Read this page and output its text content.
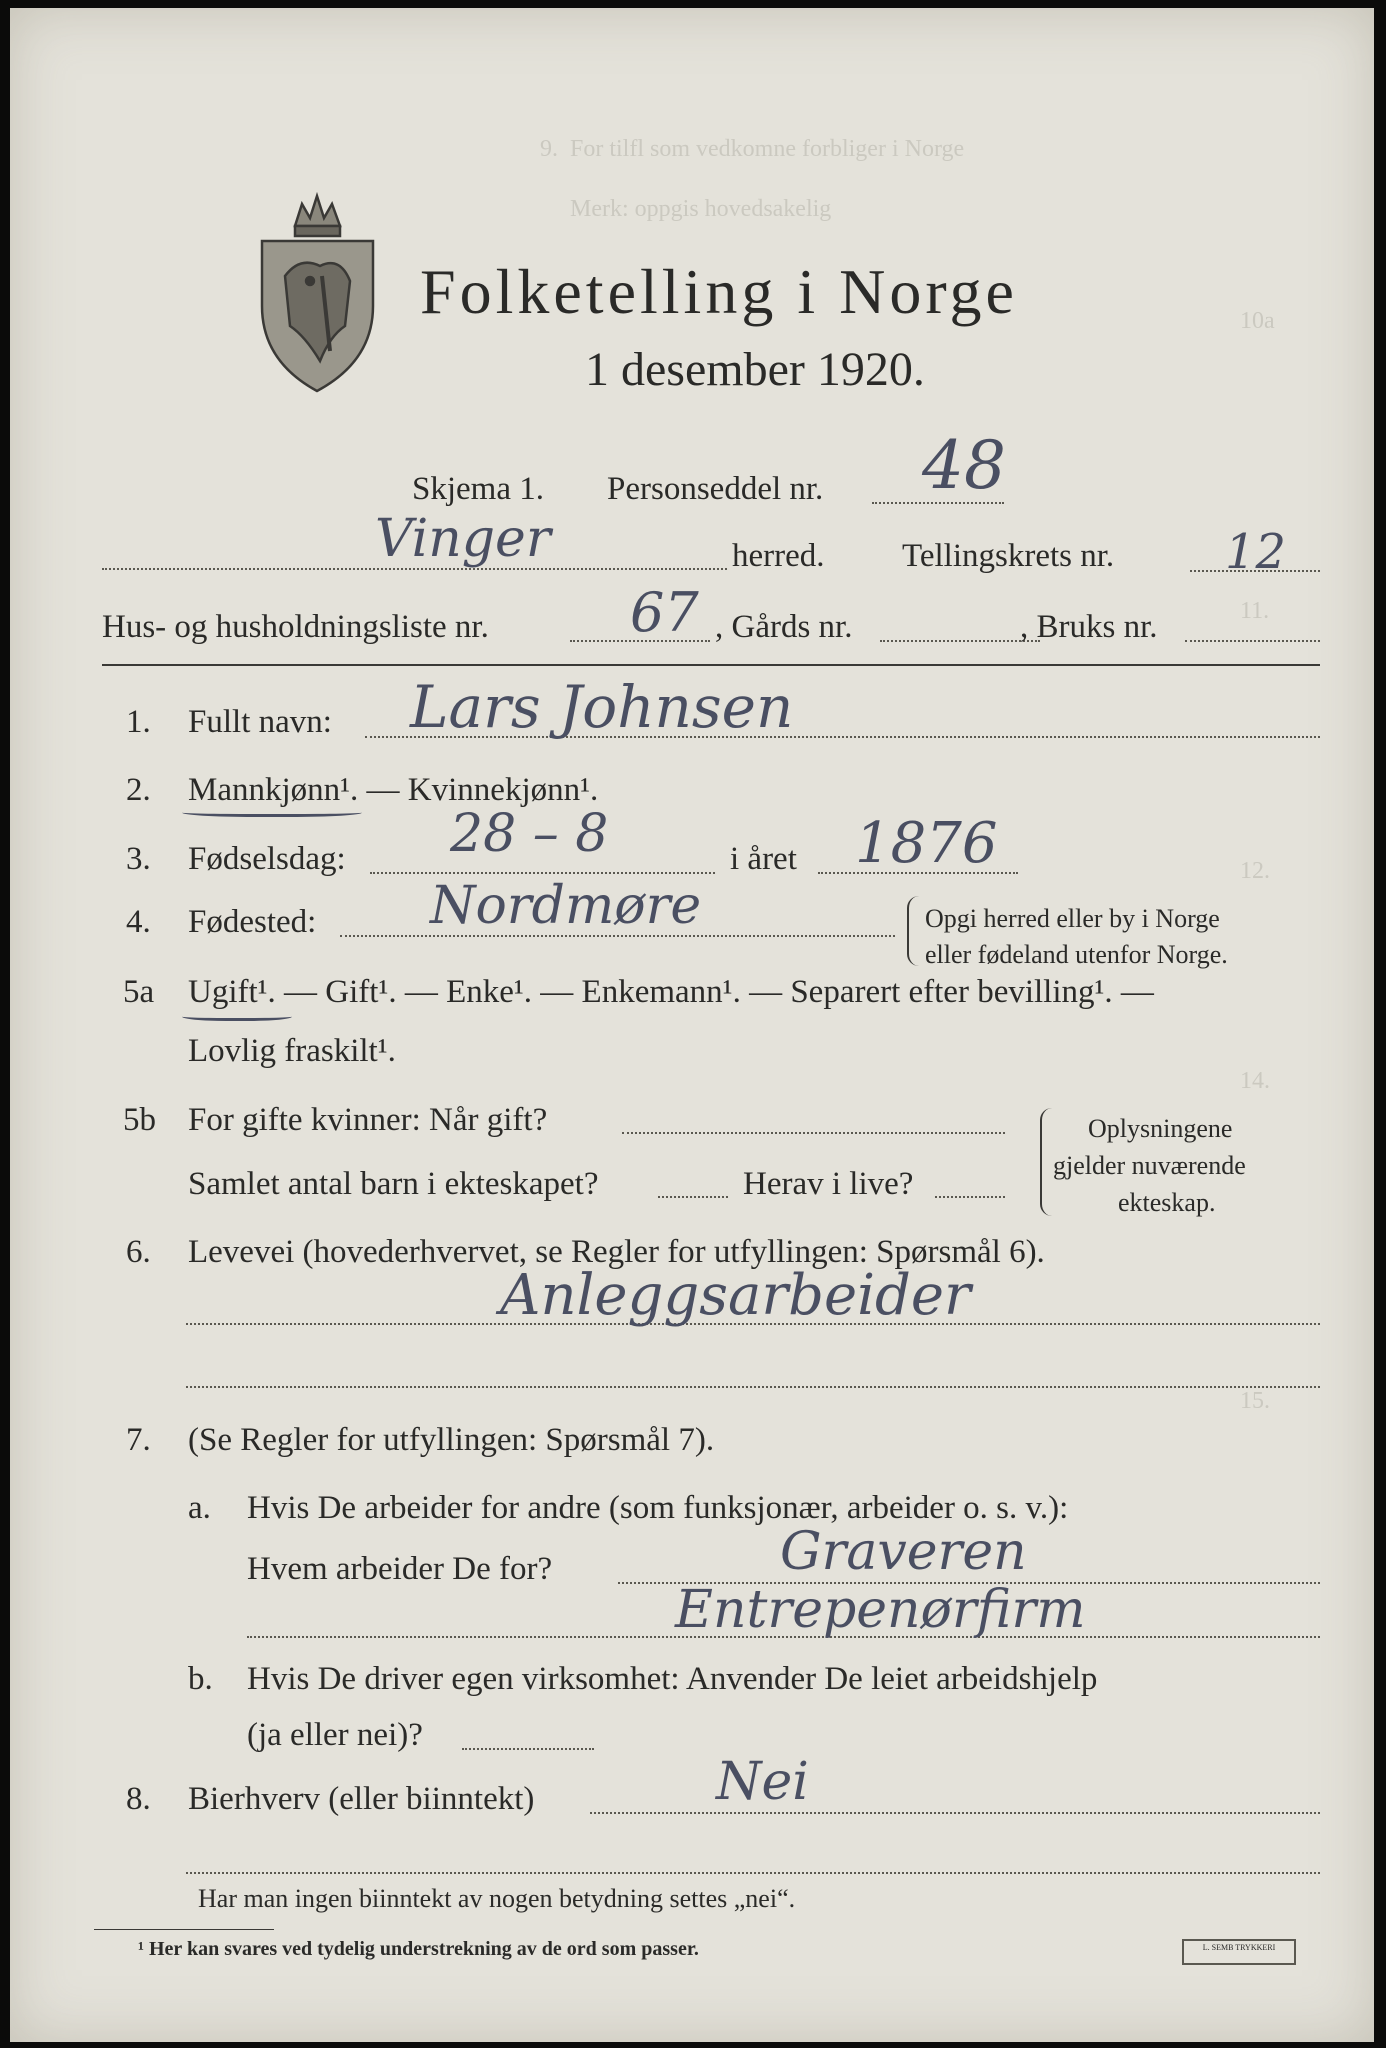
9.  For tilfl som vedkomne forbliger i Norge
Merk: oppgis hovedsakelig
10a
11.
12.
14.
15.
Folketelling i Norge
1 desember 1920.
Skjema 1. Personseddel nr. 48
Vinger	herred. Tellingskrets nr. 12
Hus- og husholdningsliste nr.	67 , Gårds nr.	, Bruks nr.
1. Fullt navn: Lars Johnsen
2. Mannkjønn¹. — Kvinnekjønn¹.
3. Fødselsdag: 28 – 8	i året 1876
4. Fødested: Nordmøre	Opgi herred eller by i Norge
eller fødeland utenfor Norge.
5a Ugift¹. — Gift¹. — Enke¹. — Enkemann¹. — Separert efter bevilling¹. —
Lovlig fraskilt¹.
5b For gifte kvinner: Når gift?
Samlet antal barn i ekteskapet?	Herav i live?
Oplysningene
gjelder nuværende
ekteskap.
6. Levevei (hovederhvervet, se Regler for utfyllingen: Spørsmål 6).
Anleggsarbeider
7. (Se Regler for utfyllingen: Spørsmål 7).
a. Hvis De arbeider for andre (som funksjonær, arbeider o. s. v.):
Hvem arbeider De for?	Graveren
Entrepenørfirm
b. Hvis De driver egen virksomhet: Anvender De leiet arbeidshjelp
(ja eller nei)?
8. Bierhverv (eller biinntekt)	Nei
Har man ingen biinntekt av nogen betydning settes „nei“.
¹ Her kan svares ved tydelig understrekning av de ord som passer.	L. SEMB TRYKKERI
